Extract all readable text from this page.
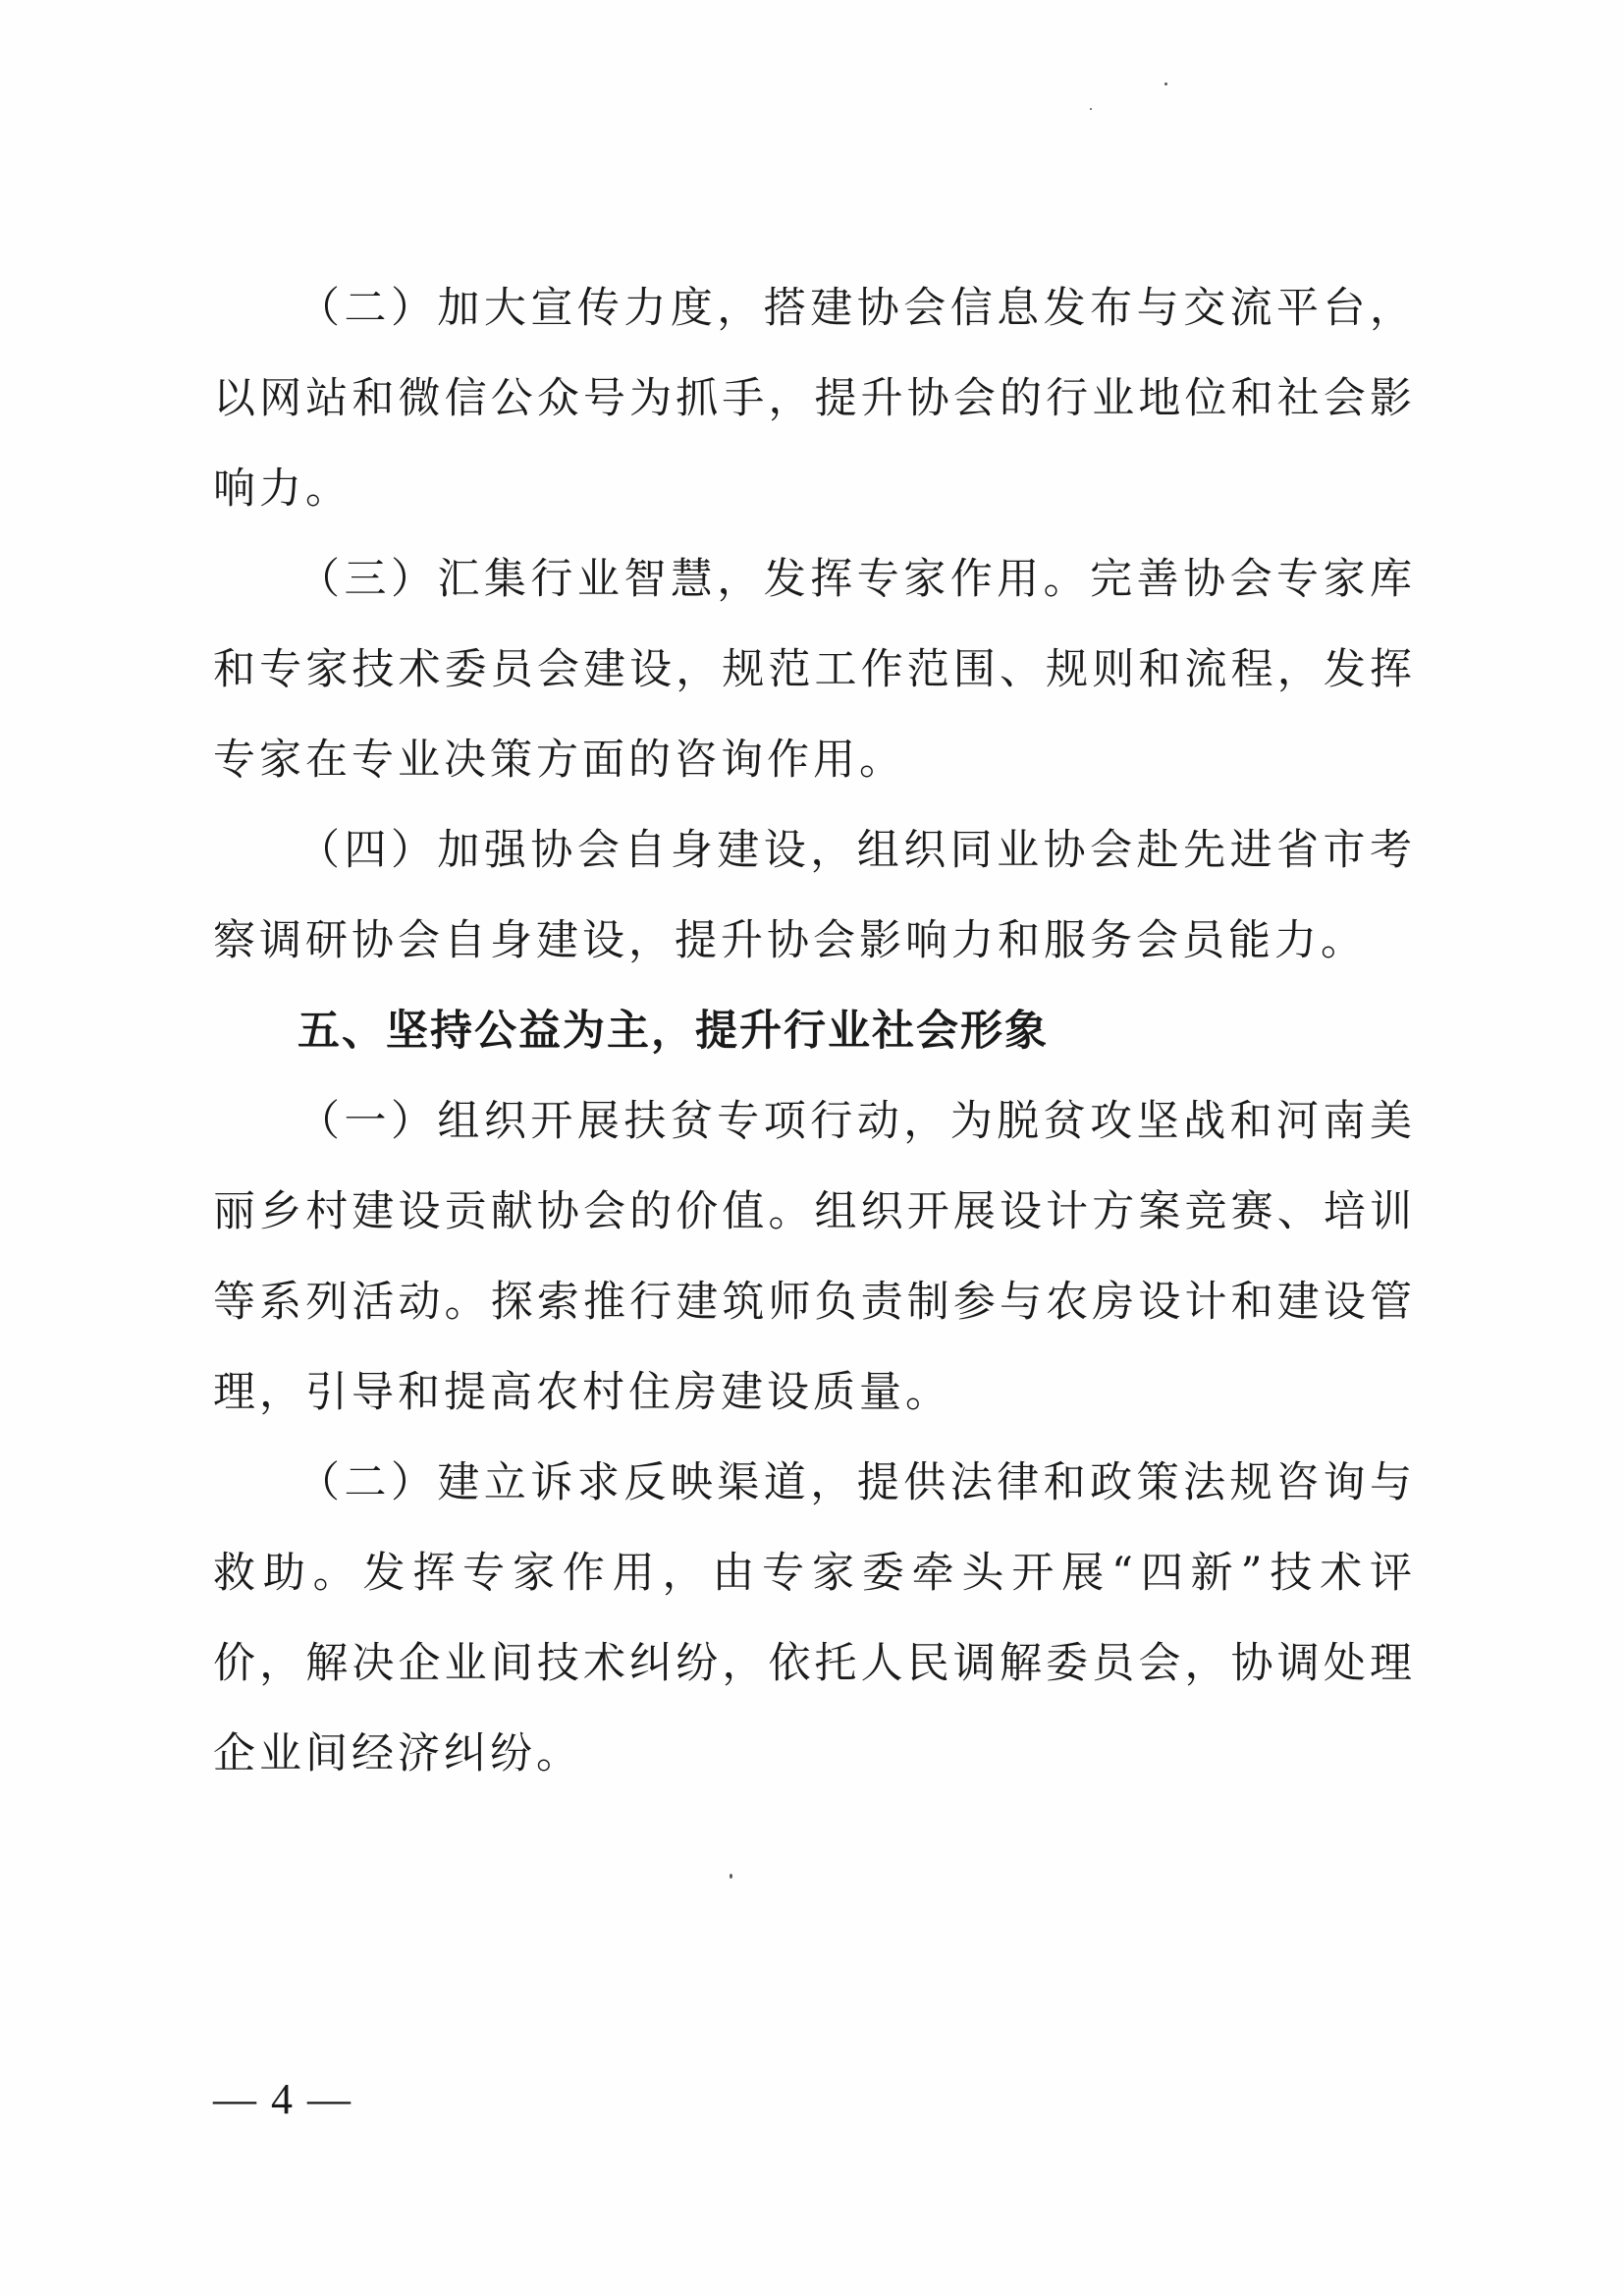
（二）加大宣传力度，搭建协会信息发布与交流平台，以网站和微信公众号为抓手，提升协会的行业地位和社会影响力。

（三）汇集行业智慧，发挥专家作用。完善协会专家库和专家技术委员会建设，规范工作范围、规则和流程，发挥专家在专业决策方面的咨询作用。

（四）加强协会自身建设，组织同业协会赴先进省市考察调研协会自身建设，提升协会影响力和服务会员能力。

五、坚持公益为主，提升行业社会形象

（一）组织开展扶贫专项行动，为脱贫攻坚战和河南美丽乡村建设贡献协会的价值。组织开展设计方案竞赛、培训等系列活动。探索推行建筑师负责制参与农房设计和建设管理，引导和提高农村住房建设质量。

（二）建立诉求反映渠道，提供法律和政策法规咨询与救助。发挥专家作用，由专家委牵头开展“四新”技术评价，解决企业间技术纠纷，依托人民调解委员会，协调处理企业间经济纠纷。

— 4 —
